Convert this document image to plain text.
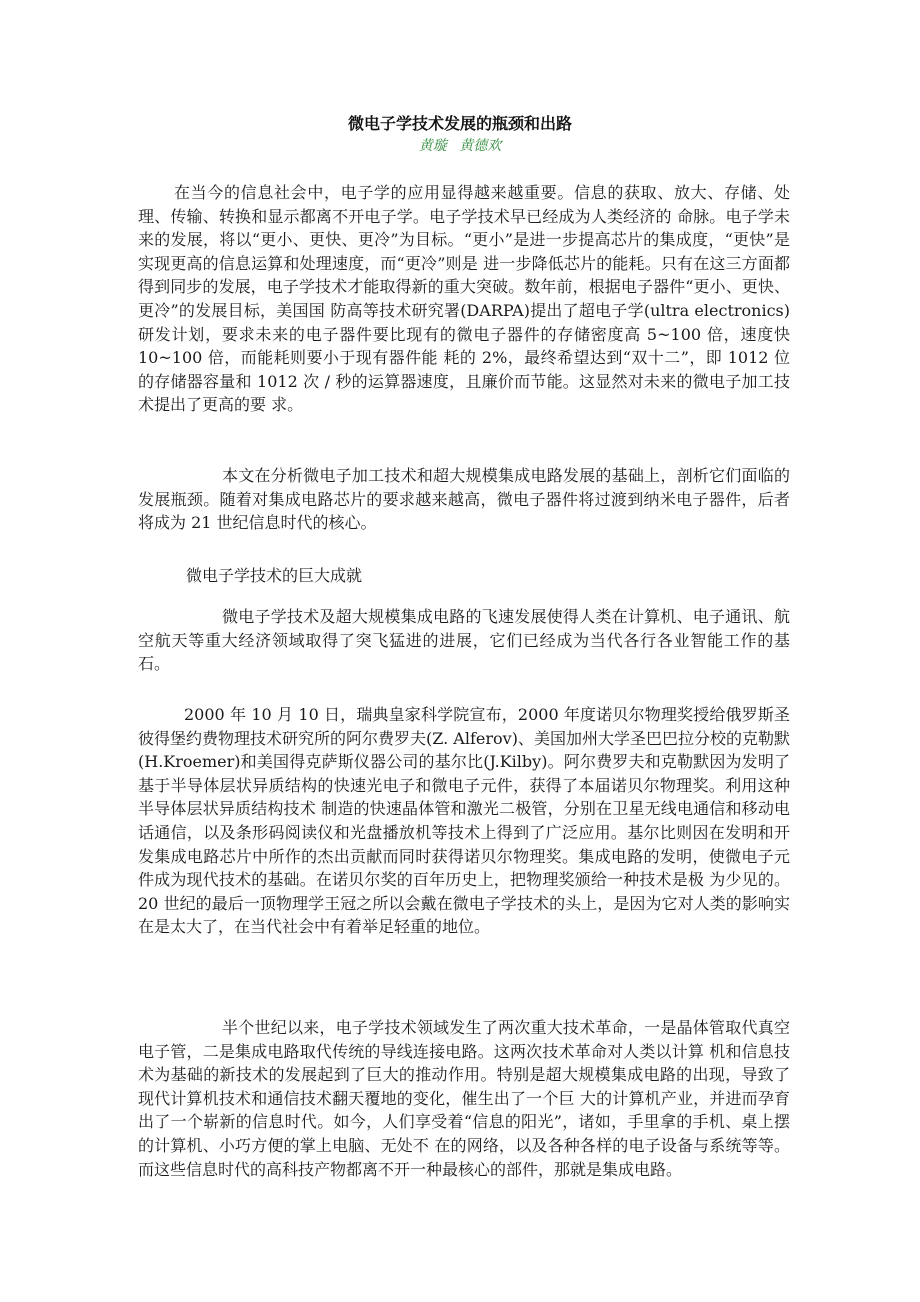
微电子学技术发展的瓶颈和出路
黄璇 黄德欢

在当今的信息社会中，电子学的应用显得越来越重要。信息的获取、放大、存储、处理、传输、转换和显示都离不开电子学。电子学技术早已经成为人类经济的 命脉。电子学未来的发展，将以“更小、更快、更冷”为目标。“更小”是进一步提高芯片的集成度，“更快”是实现更高的信息运算和处理速度，而“更冷”则是 进一步降低芯片的能耗。只有在这三方面都得到同步的发展，电子学技术才能取得新的重大突破。数年前，根据电子器件“更小、更快、更冷”的发展目标，美国国 防高等技术研究署(DARPA)提出了超电子学(ultra electronics)研发计划，要求未来的电子器件要比现有的微电子器件的存储密度高 5~100 倍，速度快 10~100 倍，而能耗则要小于现有器件能 耗的 2%，最终希望达到“双十二”，即 1012 位的存储器容量和 1012 次 / 秒的运算器速度，且廉价而节能。这显然对未来的微电子加工技术提出了更高的要 求。

本文在分析微电子加工技术和超大规模集成电路发展的基础上，剖析它们面临的发展瓶颈。随着对集成电路芯片的要求越来越高，微电子器件将过渡到纳米电子器件，后者将成为 21 世纪信息时代的核心。

微电子学技术的巨大成就

微电子学技术及超大规模集成电路的飞速发展使得人类在计算机、电子通讯、航空航天等重大经济领域取得了突飞猛进的进展，它们已经成为当代各行各业智能工作的基石。

2000 年 10 月 10 日，瑞典皇家科学院宣布，2000 年度诺贝尔物理奖授给俄罗斯圣彼得堡约费物理技术研究所的阿尔费罗夫(Z. Alferov)、美国加州大学圣巴巴拉分校的克勒默(H.Kroemer)和美国得克萨斯仪器公司的基尔比(J.Kilby)。阿尔费罗夫和克勒默因为发明了基于半导体层状异质结构的快速光电子和微电子元件，获得了本届诺贝尔物理奖。利用这种半导体层状异质结构技术 制造的快速晶体管和激光二极管，分别在卫星无线电通信和移动电话通信，以及条形码阅读仪和光盘播放机等技术上得到了广泛应用。基尔比则因在发明和开发集成电路芯片中所作的杰出贡献而同时获得诺贝尔物理奖。集成电路的发明，使微电子元件成为现代技术的基础。在诺贝尔奖的百年历史上，把物理奖颁给一种技术是极 为少见的。20 世纪的最后一顶物理学王冠之所以会戴在微电子学技术的头上，是因为它对人类的影响实在是太大了，在当代社会中有着举足轻重的地位。

半个世纪以来，电子学技术领域发生了两次重大技术革命，一是晶体管取代真空电子管，二是集成电路取代传统的导线连接电路。这两次技术革命对人类以计算 机和信息技术为基础的新技术的发展起到了巨大的推动作用。特别是超大规模集成电路的出现，导致了现代计算机技术和通信技术翻天覆地的变化，催生出了一个巨 大的计算机产业，并进而孕育出了一个崭新的信息时代。如今，人们享受着“信息的阳光”，诸如，手里拿的手机、桌上摆的计算机、小巧方便的掌上电脑、无处不 在的网络，以及各种各样的电子设备与系统等等。而这些信息时代的高科技产物都离不开一种最核心的部件，那就是集成电路。
